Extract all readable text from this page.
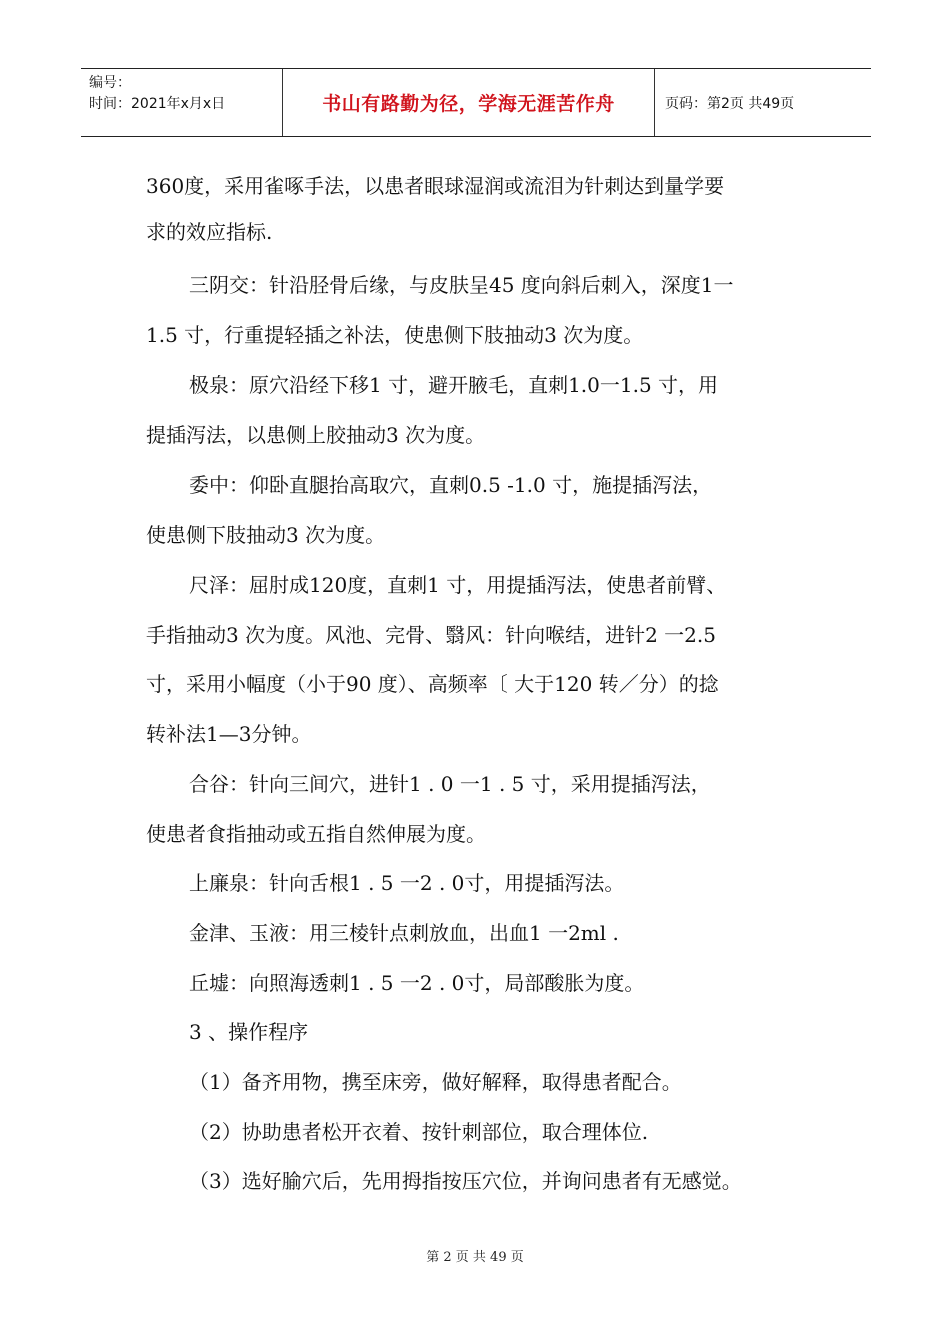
编号：
时间：2021年x月x日	书山有路勤为径，学海无涯苦作舟	页码：第2页 共49页
360度，采用雀啄手法，以患者眼球湿润或流泪为针刺达到量学要
求的效应指标.
三阴交：针沿胫骨后缘，与皮肤呈45 度向斜后刺入，深度1一
1.5 寸，行重提轻插之补法，使患侧下肢抽动3 次为度。
极泉：原穴沿经下移1 寸，避开腋毛，直刺1.0一1.5 寸，用
提插泻法，以患侧上胶抽动3 次为度。
委中：仰卧直腿抬高取穴，直刺0.5 -1.0 寸，施提插泻法，
使患侧下肢抽动3 次为度。
尺泽：屈肘成120度，直刺1 寸，用提插泻法，使患者前臂、
手指抽动3 次为度。风池、完骨、翳风：针向喉结，进针2 一2.5
寸，采用小幅度（小于90 度）、高频率〔 大于120 转／分）的捻
转补法1—3分钟。
合谷：针向三间穴，进针1 . 0 一1 . 5 寸，采用提插泻法，
使患者食指抽动或五指自然伸展为度。
上廉泉：针向舌根1 . 5 一2 . 0寸，用提插泻法。
金津、玉液：用三棱针点刺放血，出血1 一2ml .
丘墟：向照海透刺1 . 5 一2 . 0寸，局部酸胀为度。
3 、操作程序
（1）备齐用物，携至床旁，做好解释，取得患者配合。
（2）协助患者松开衣着、按针刺部位，取合理体位.
（3）选好腧穴后，先用拇指按压穴位，并询问患者有无感觉。
第 2 页 共 49 页
